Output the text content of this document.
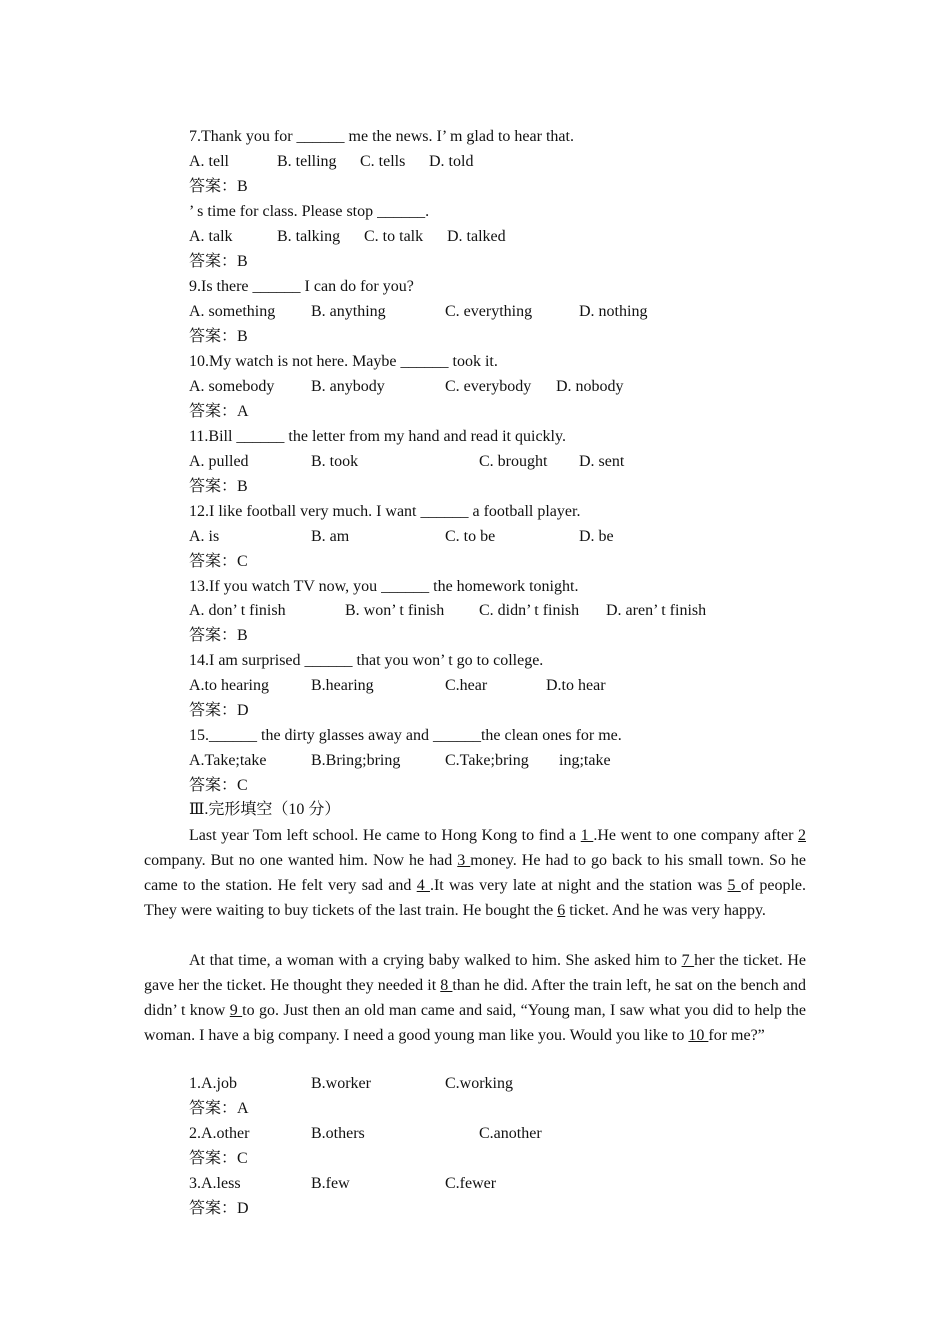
7.Thank you for ______ me the news. I’ m glad to hear that.
A. tell	B. telling C. tells D. told
答案：B
’ s time for class. Please stop ______.
A. talk	B. talking C. to talk D. talked
答案：B
9.Is there ______ I can do for you?
A. something B. anything	C. everything	D. nothing
答案：B
10.My watch is not here. Maybe ______ took it.
A. somebody B. anybody	C. everybody D. nobody
答案：A
11.Bill ______ the letter from my hand and read it quickly.
A. pulled	B. took	C. brought D. sent
答案：B
12.I like football very much. I want ______ a football player.
A. is	B. am	C. to be	D. be
答案：C
13.If you watch TV now, you ______ the homework tonight.
A. don’ t finish	B. won’ t finish C. didn’ t finish D. aren’ t finish
答案：B
14.I am surprised ______ that you won’ t go to college.
A.to hearing	B.hearing	C.hear	D.to hear
答案：D
15.______ the dirty glasses away and ______the clean ones for me.
A.Take;take	B.Bring;bring	C.Take;bring ing;take
答案：C
Ⅲ.完形填空（10 分）
Last year Tom left school. He came to Hong Kong to find a 1 .He went to one company after 2 company. But no one wanted him. Now he had 3 money. He had to go back to his small town. So he came to the station. He felt very sad and 4 .It was very late at night and the station was 5 of people. They were waiting to buy tickets of the last train. He bought the 6 ticket. And he was very happy.
At that time, a woman with a crying baby walked to him. She asked him to 7 her the ticket. He gave her the ticket. He thought they needed it 8 than he did. After the train left, he sat on the bench and didn’ t know 9 to go. Just then an old man came and said, “Young man, I saw what you did to help the woman. I have a big company. I need a good young man like you. Would you like to 10 for me?”
1.A.job	B.worker	C.working
答案：A
2.A.other	B.others	C.another
答案：C
3.A.less	B.few	C.fewer
答案：D
